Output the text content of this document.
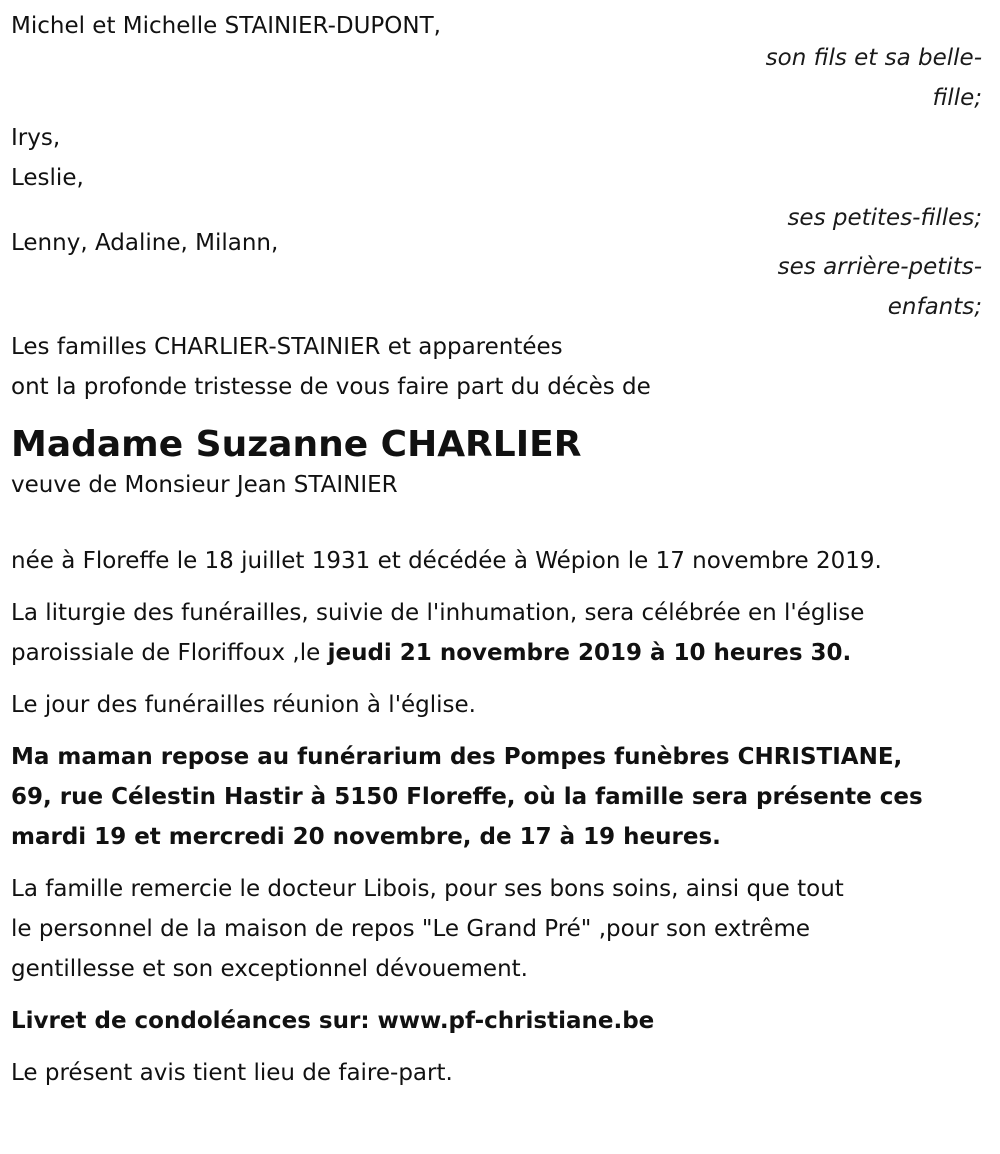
Michel et Michelle STAINIER-DUPONT,

son fils et sa belle-

fille;

Irys,

Leslie,

ses petites-filles;

Lenny, Adaline, Milann,

ses arrière-petits-

enfants;

Les familles CHARLIER-STAINIER et apparentées

ont la profonde tristesse de vous faire part du décès de

Madame Suzanne CHARLIER

veuve de Monsieur Jean STAINIER

née à Floreffe le 18 juillet 1931 et décédée à Wépion le 17 novembre 2019.

La liturgie des funérailles, suivie de l'inhumation, sera célébrée en l'église

paroissiale de Floriffoux ,le jeudi 21 novembre 2019 à 10 heures 30.

Le jour des funérailles réunion à l'église.

Ma maman repose au funérarium des Pompes funèbres CHRISTIANE,

69, rue Célestin Hastir à 5150 Floreffe, où la famille sera présente ces

mardi 19 et mercredi 20 novembre, de 17 à 19 heures.

La famille remercie le docteur Libois, pour ses bons soins, ainsi que tout

le personnel de la maison de repos "Le Grand Pré" ,pour son extrême

gentillesse et son exceptionnel dévouement.

Livret de condoléances sur: www.pf-christiane.be

Le présent avis tient lieu de faire-part.
